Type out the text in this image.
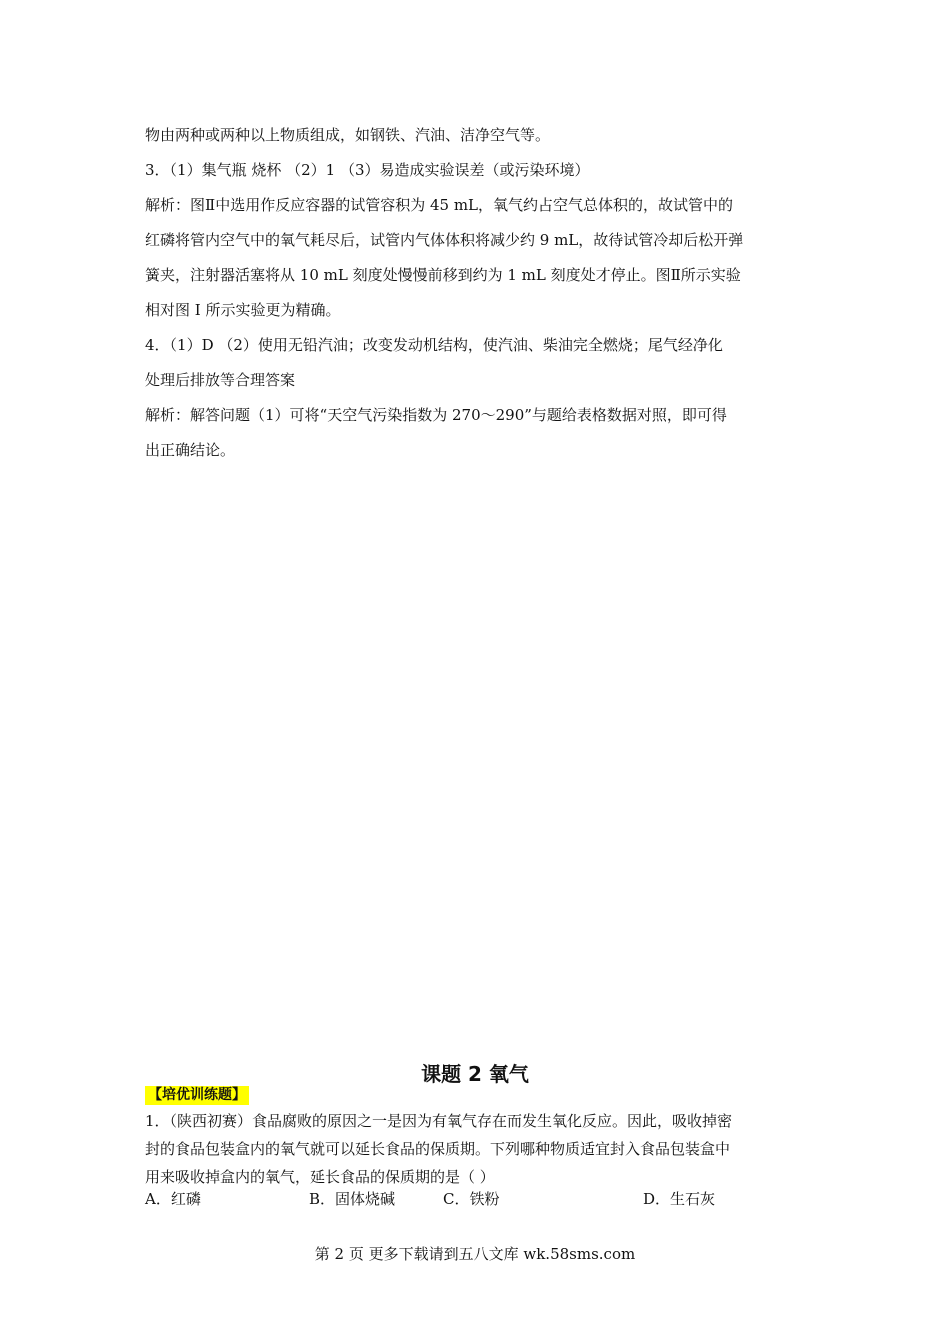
物由两种或两种以上物质组成，如钢铁、汽油、洁净空气等。

3．（1）集气瓶 烧杯 （2）1 （3）易造成实验误差（或污染环境）

解析：图Ⅱ中选用作反应容器的试管容积为 45 mL，氧气约占空气总体积的，故试管中的

红磷将管内空气中的氧气耗尽后，试管内气体体积将减少约 9 mL，故待试管冷却后松开弹

簧夹，注射器活塞将从 10 mL 刻度处慢慢前移到约为 1 mL 刻度处才停止。图Ⅱ所示实验

相对图 I 所示实验更为精确。

4．（1）D （2）使用无铅汽油；改变发动机结构，使汽油、柴油完全燃烧；尾气经净化

处理后排放等合理答案

解析：解答问题（1）可将“天空气污染指数为 270～290”与题给表格数据对照，即可得

出正确结论。

课题 2 氧气
【培优训练题】

1．（陕西初赛）食品腐败的原因之一是因为有氧气存在而发生氧化反应。因此，吸收掉密

封的食品包装盒内的氧气就可以延长食品的保质期。下列哪种物质适宜封入食品包装盒中

用来吸收掉盒内的氧气，延长食品的保质期的是（ ）

A．红磷	B．固体烧碱	C．铁粉	D．生石灰
第 2 页 更多下载请到五八文库 wk.58sms.com
